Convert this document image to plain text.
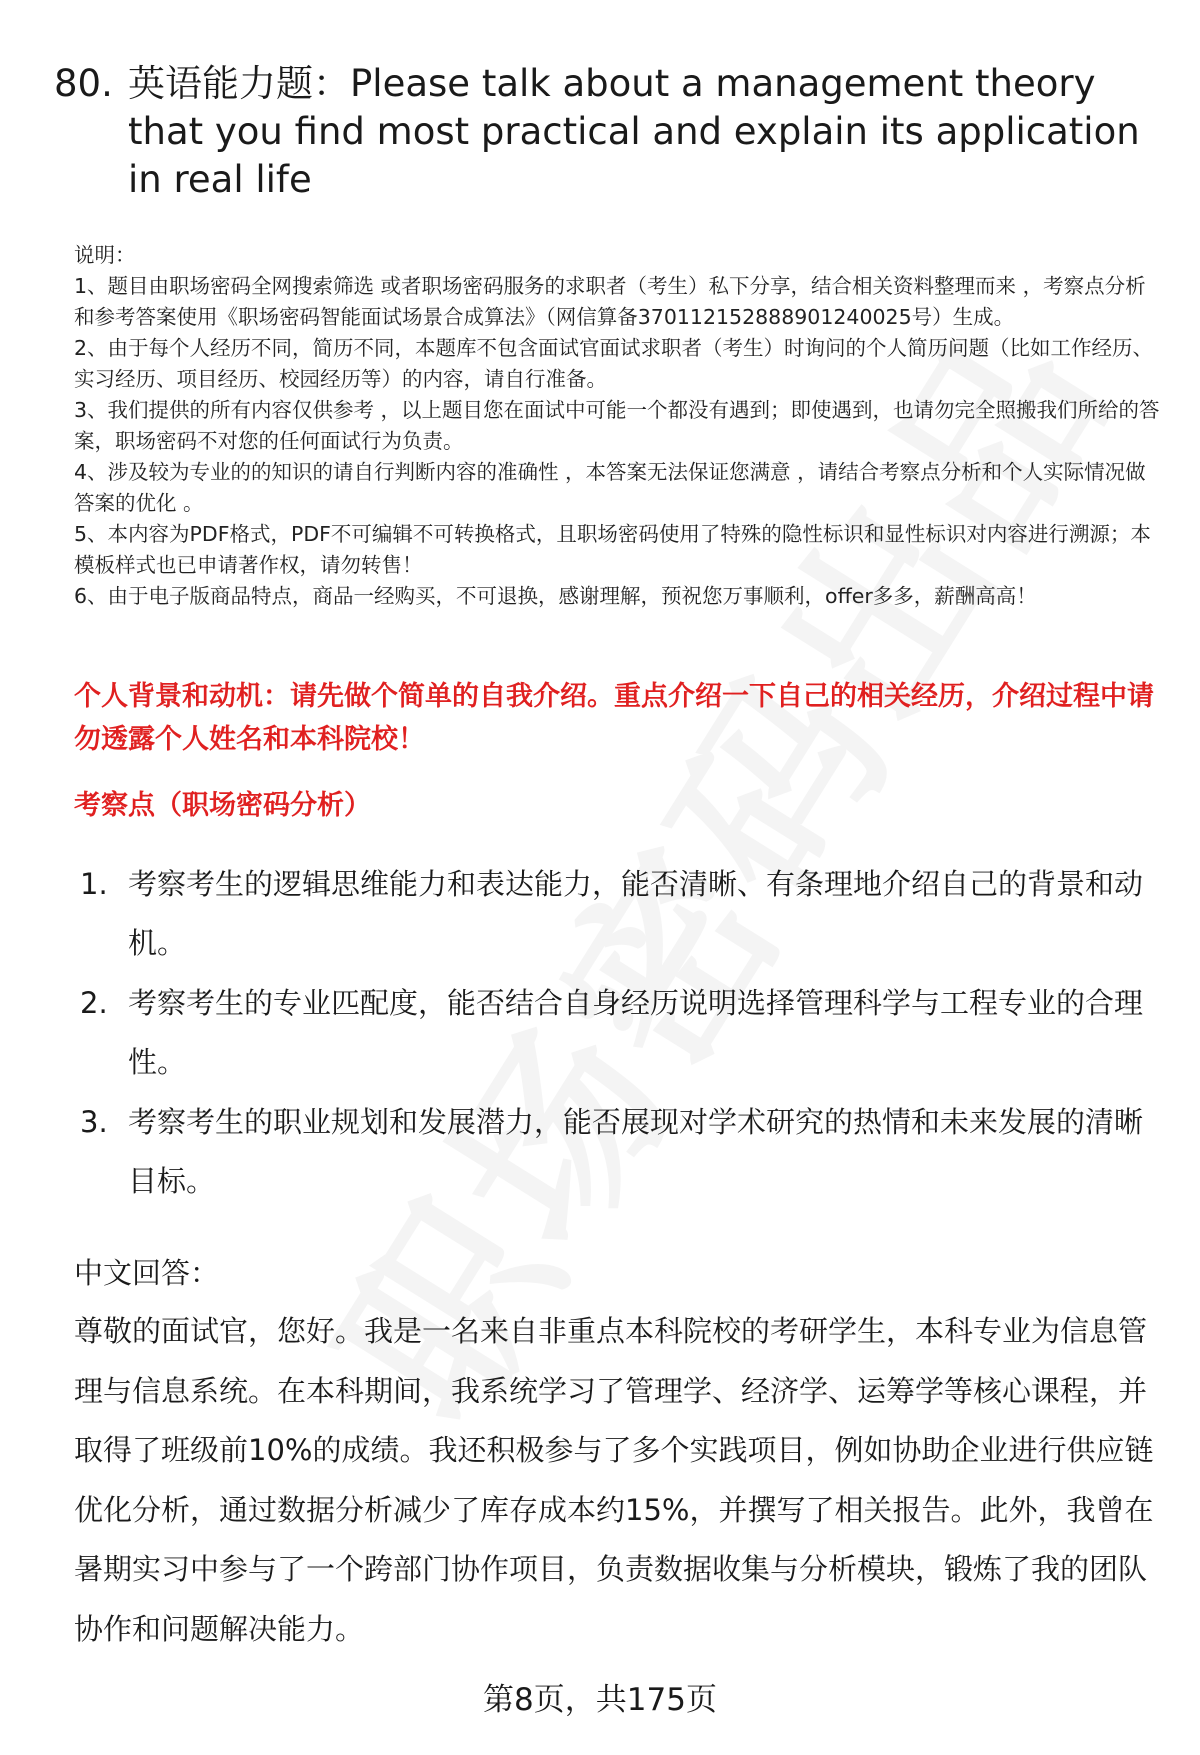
80. 英语能力题：Please talk about a management theory that you find most practical and explain its application in real life

说明：

1、题目由职场密码全网搜索筛选 或者职场密码服务的求职者（考生）私下分享，结合相关资料整理而来 ，考察点分析和参考答案使用《职场密码智能面试场景合成算法》（网信算备370112152888901240025号）生成。

2、由于每个人经历不同，简历不同，本题库不包含面试官面试求职者（考生）时询问的个人简历问题（比如工作经历、实习经历、项目经历、校园经历等）的内容，请自行准备。

3、我们提供的所有内容仅供参考 ，以上题目您在面试中可能一个都没有遇到；即使遇到，也请勿完全照搬我们所给的答案，职场密码不对您的任何面试行为负责。

4、涉及较为专业的的知识的请自行判断内容的准确性 ，本答案无法保证您满意 ，请结合考察点分析和个人实际情况做答案的优化 。

5、本内容为PDF格式，PDF不可编辑不可转换格式，且职场密码使用了特殊的隐性标识和显性标识对内容进行溯源；本模板样式也已申请著作权，请勿转售！

6、由于电子版商品特点，商品一经购买，不可退换，感谢理解，预祝您万事顺利，offer多多，薪酬高高！

个人背景和动机：请先做个简单的自我介绍。重点介绍一下自己的相关经历，介绍过程中请勿透露个人姓名和本科院校！
考察点（职场密码分析）
1. 考察考生的逻辑思维能力和表达能力，能否清晰、有条理地介绍自己的背景和动机。
2. 考察考生的专业匹配度，能否结合自身经历说明选择管理科学与工程专业的合理性。
3. 考察考生的职业规划和发展潜力，能否展现对学术研究的热情和未来发展的清晰目标。
中文回答：

尊敬的面试官，您好。我是一名来自非重点本科院校的考研学生，本科专业为信息管理与信息系统。在本科期间，我系统学习了管理学、经济学、运筹学等核心课程，并取得了班级前10%的成绩。我还积极参与了多个实践项目，例如协助企业进行供应链优化分析，通过数据分析减少了库存成本约15%，并撰写了相关报告。此外，我曾在暑期实习中参与了一个跨部门协作项目，负责数据收集与分析模块，锻炼了我的团队协作和问题解决能力。

第8页，共175页
